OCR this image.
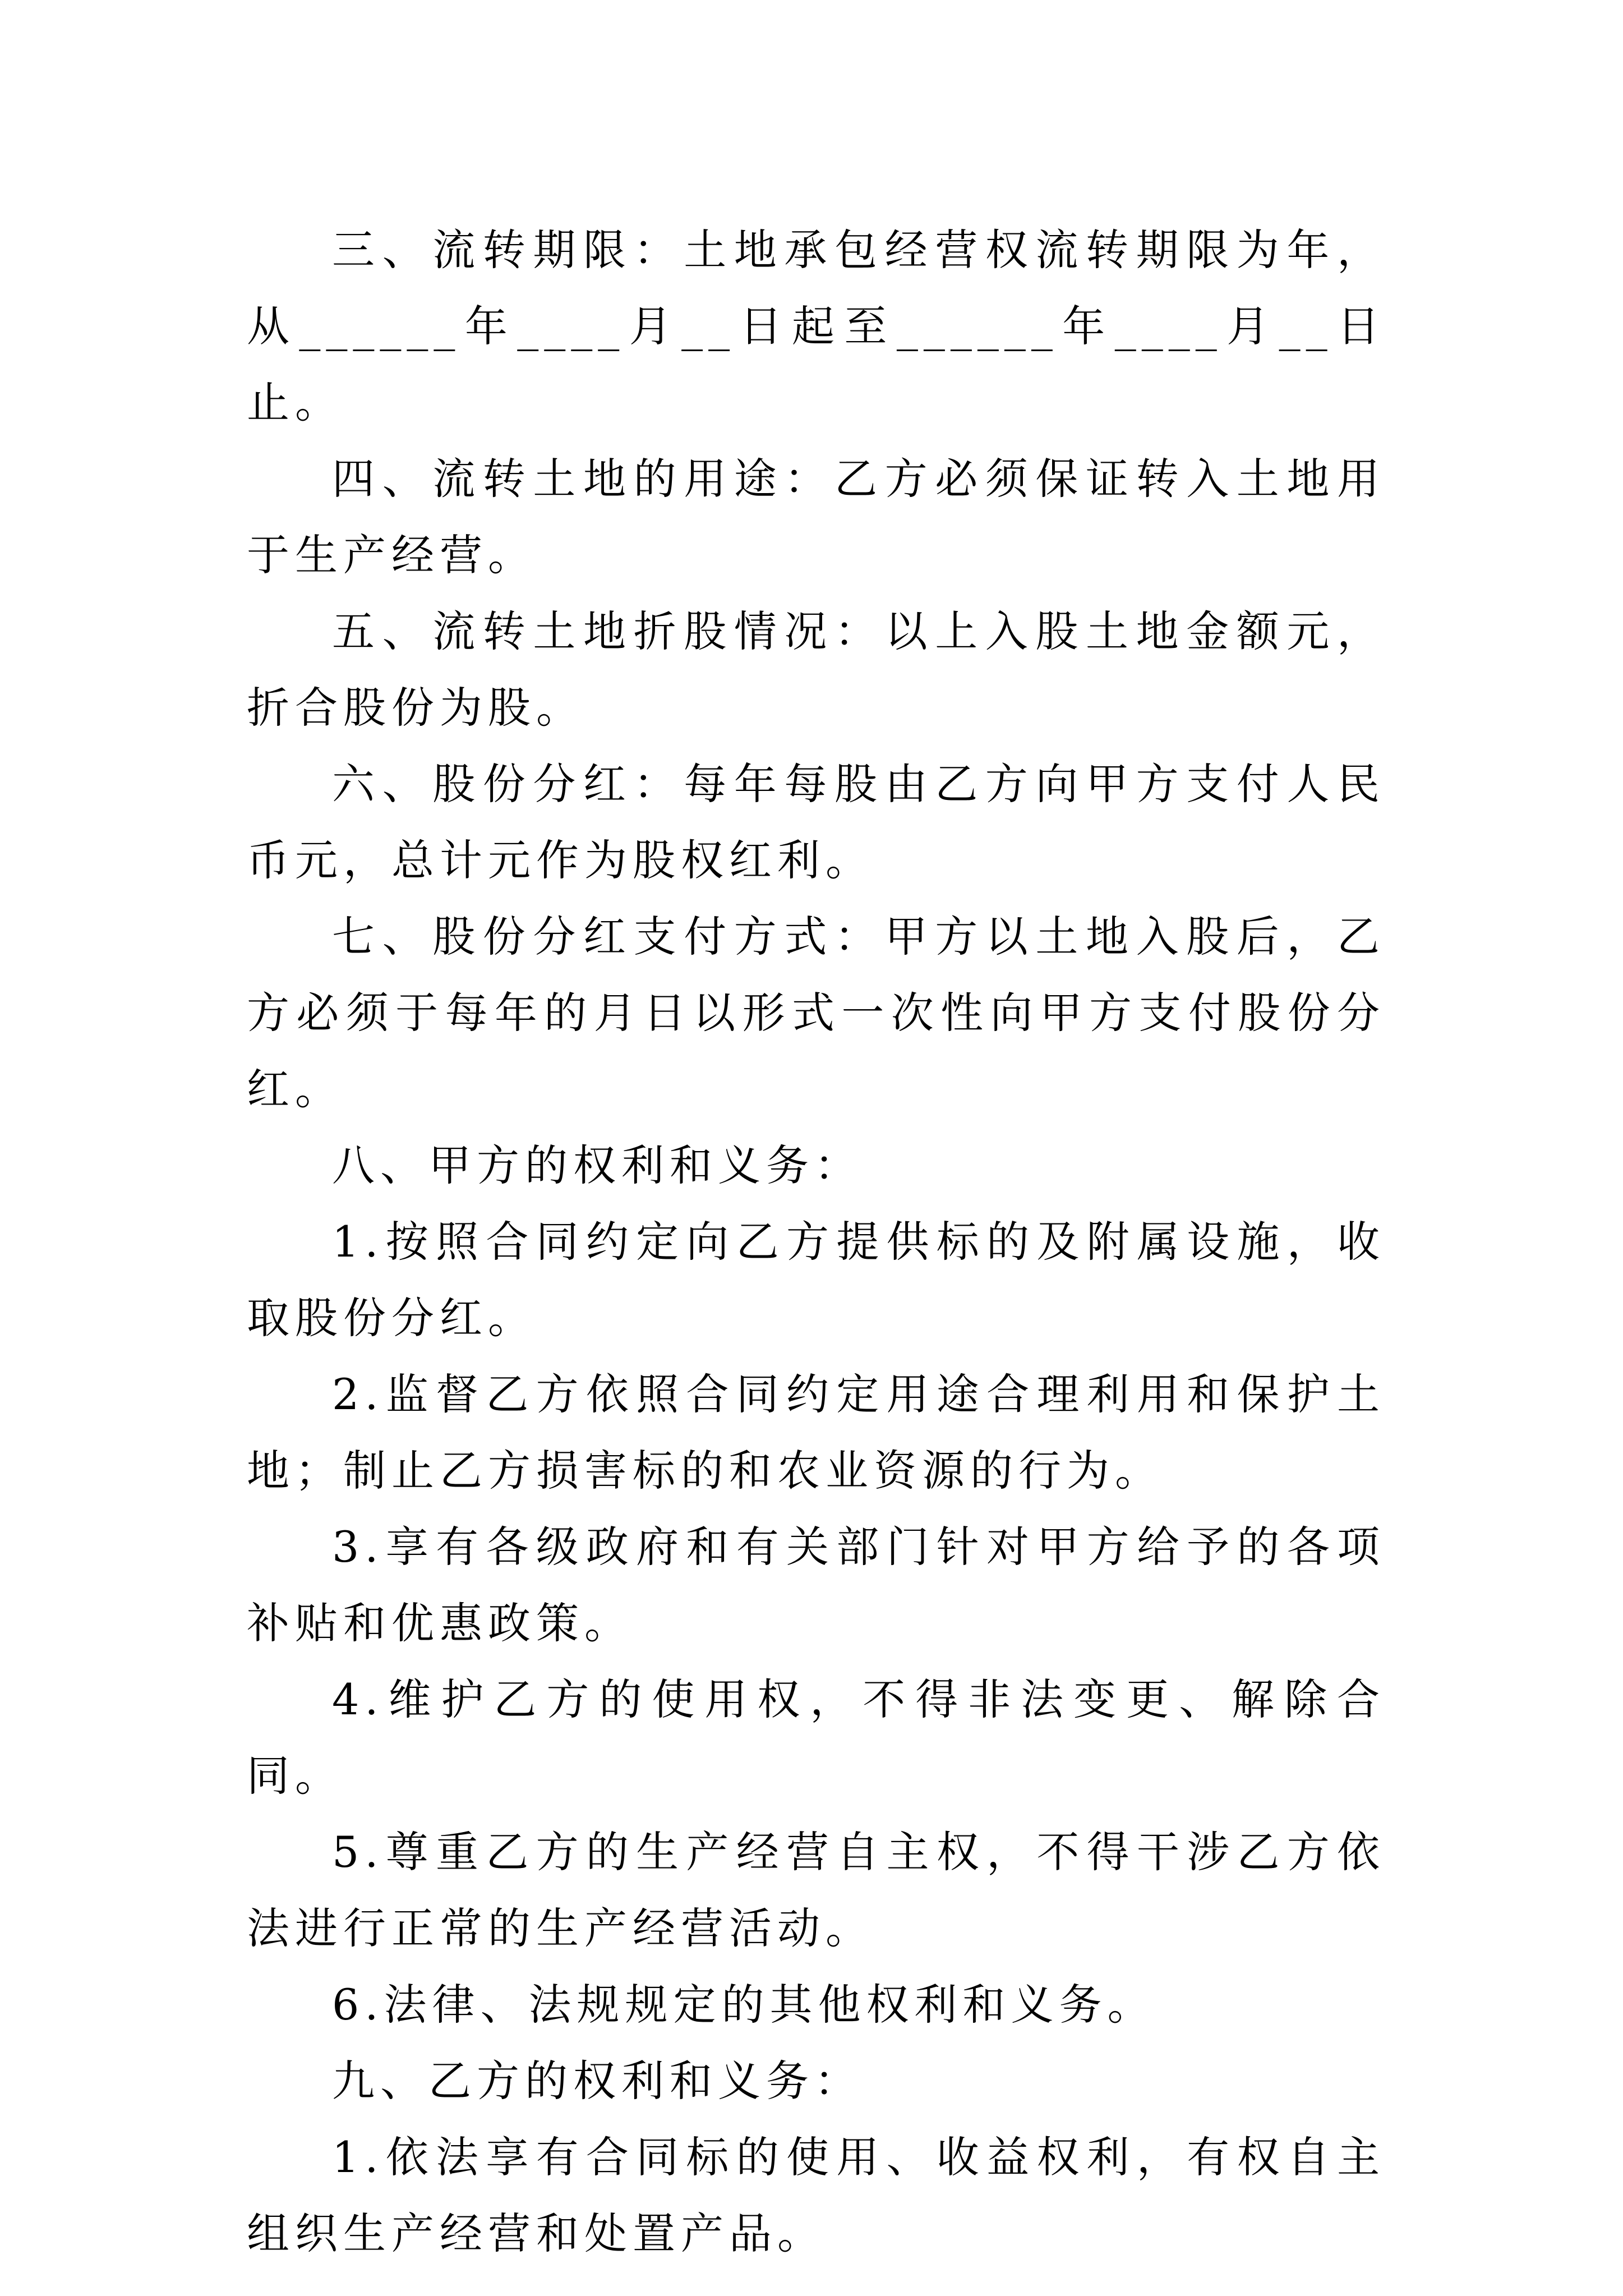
三、流转期限：土地承包经营权流转期限为年，从______年____月__日起至______年____月__日止。

四、流转土地的用途：乙方必须保证转入土地用于生产经营。

五、流转土地折股情况：以上入股土地金额元，折合股份为股。

六、股份分红：每年每股由乙方向甲方支付人民币元，总计元作为股权红利。

七、股份分红支付方式：甲方以土地入股后，乙方必须于每年的月日以形式一次性向甲方支付股份分红。

八、甲方的权利和义务：

1.按照合同约定向乙方提供标的及附属设施，收取股份分红。

2.监督乙方依照合同约定用途合理利用和保护土地；制止乙方损害标的和农业资源的行为。

3.享有各级政府和有关部门针对甲方给予的各项补贴和优惠政策。

4.维护乙方的使用权，不得非法变更、解除合同。

5.尊重乙方的生产经营自主权，不得干涉乙方依法进行正常的生产经营活动。

6.法律、法规规定的其他权利和义务。

九、乙方的权利和义务：

1.依法享有合同标的使用、收益权利，有权自主组织生产经营和处置产品。
